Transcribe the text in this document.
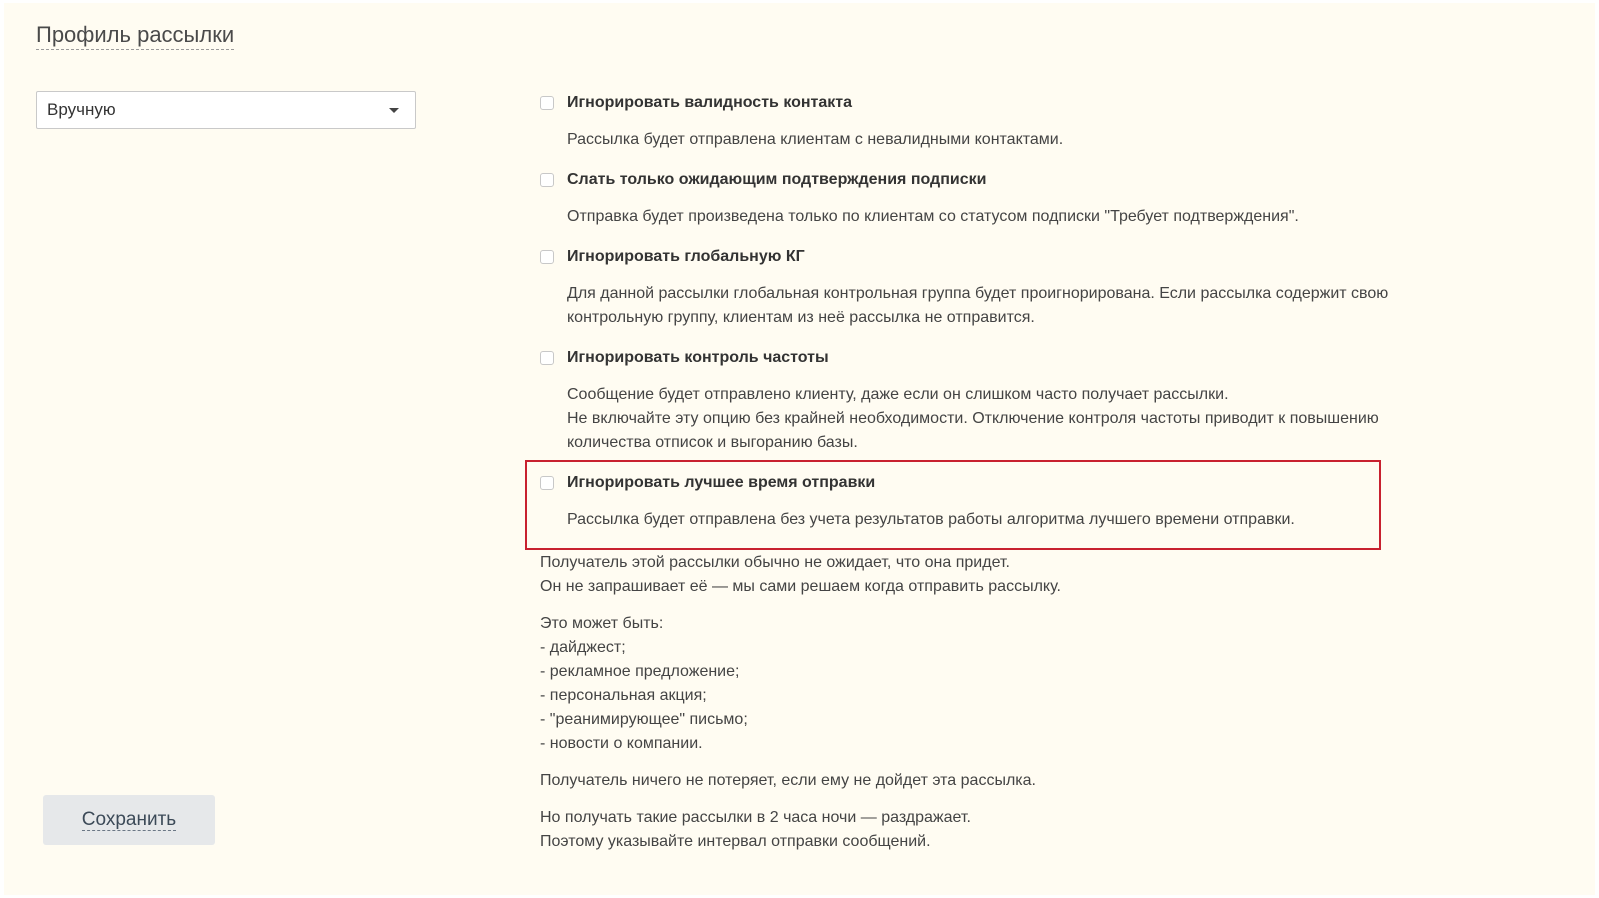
Профиль рассылки
Вручную	Игнорировать валидность контакта
Рассылка будет отправлена клиентам с невалидными контактами.
Слать только ожидающим подтверждения подписки
Отправка будет произведена только по клиентам со статусом подписки "Требует подтверждения".
Игнорировать глобальную КГ
Для данной рассылки глобальная контрольная группа будет проигнорирована. Если рассылка содержит свою
контрольную группу, клиентам из неё рассылка не отправится.
Игнорировать контроль частоты
Сообщение будет отправлено клиенту, даже если он слишком часто получает рассылки.
Не включайте эту опцию без крайней необходимости. Отключение контроля частоты приводит к повышению
количества отписок и выгоранию базы.
Игнорировать лучшее время отправки
Рассылка будет отправлена без учета результатов работы алгоритма лучшего времени отправки.

Получатель этой рассылки обычно не ожидает, что она придет.
Он не запрашивает её — мы сами решаем когда отправить рассылку.

Это может быть:
- дайджест;
- рекламное предложение;
- персональная акция;
- "реанимирующее" письмо;
- новости о компании.

Получатель ничего не потеряет, если ему не дойдет эта рассылка.

Но получать такие рассылки в 2 часа ночи — раздражает.
Поэтому указывайте интервал отправки сообщений.

Сохранить
